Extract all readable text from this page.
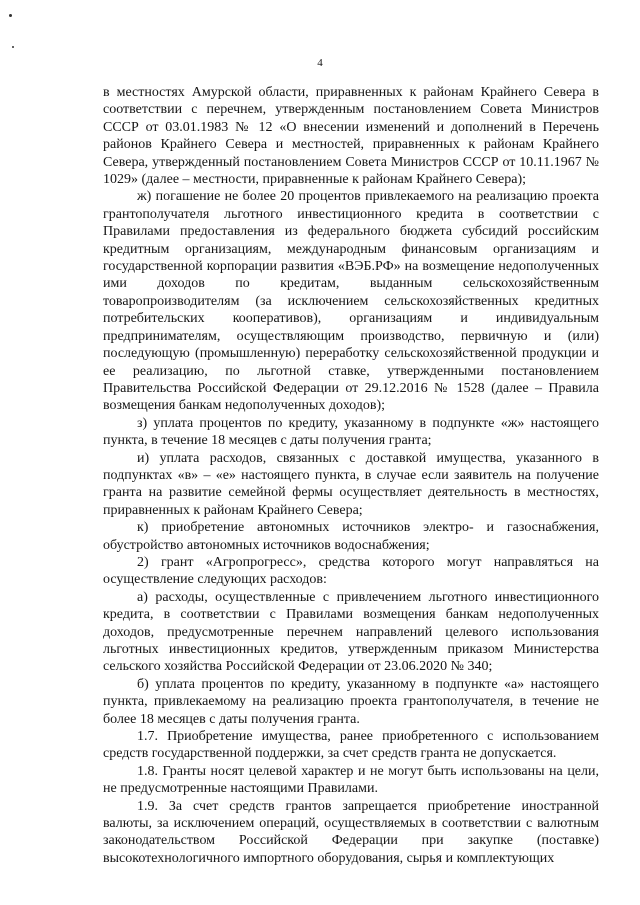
4

в местностях Амурской области, приравненных к районам Крайнего Севера в соответствии с перечнем, утвержденным постановлением Совета Министров СССР от 03.01.1983 № 12 «О внесении изменений и дополнений в Перечень районов Крайнего Севера и местностей, приравненных к районам Крайнего Севера, утвержденный постановлением Совета Министров СССР от 10.11.1967 № 1029» (далее – местности, приравненные к районам Крайнего Севера);

ж) погашение не более 20 процентов привлекаемого на реализацию проекта грантополучателя льготного инвестиционного кредита в соответствии с Правилами предоставления из федерального бюджета субсидий российским кредитным организациям, международным финансовым организациям и государственной корпорации развития «ВЭБ.РФ» на возмещение недополученных ими доходов по кредитам, выданным сельскохозяйственным товаропроизводителям (за исключением сельскохозяйственных кредитных потребительских кооперативов), организациям и индивидуальным предпринимателям, осуществляющим производство, первичную и (или) последующую (промышленную) переработку сельскохозяйственной продукции и ее реализацию, по льготной ставке, утвержденными постановлением Правительства Российской Федерации от 29.12.2016 № 1528 (далее – Правила возмещения банкам недополученных доходов);

з) уплата процентов по кредиту, указанному в подпункте «ж» настоящего пункта, в течение 18 месяцев с даты получения гранта;

и) уплата расходов, связанных с доставкой имущества, указанного в подпунктах «в» – «е» настоящего пункта, в случае если заявитель на получение гранта на развитие семейной фермы осуществляет деятельность в местностях, приравненных к районам Крайнего Севера;

к) приобретение автономных источников электро- и газоснабжения, обустройство автономных источников водоснабжения;

2) грант «Агропрогресс», средства которого могут направляться на осуществление следующих расходов:

а) расходы, осуществленные с привлечением льготного инвестиционного кредита, в соответствии с Правилами возмещения банкам недополученных доходов, предусмотренные перечнем направлений целевого использования льготных инвестиционных кредитов, утвержденным приказом Министерства сельского хозяйства Российской Федерации от 23.06.2020 № 340;

б) уплата процентов по кредиту, указанному в подпункте «а» настоящего пункта, привлекаемому на реализацию проекта грантополучателя, в течение не более 18 месяцев с даты получения гранта.

1.7. Приобретение имущества, ранее приобретенного с использованием средств государственной поддержки, за счет средств гранта не допускается.

1.8. Гранты носят целевой характер и не могут быть использованы на цели, не предусмотренные настоящими Правилами.

1.9. За счет средств грантов запрещается приобретение иностранной валюты, за исключением операций, осуществляемых в соответствии с валютным законодательством Российской Федерации при закупке (поставке) высокотехнологичного импортного оборудования, сырья и комплектующих
